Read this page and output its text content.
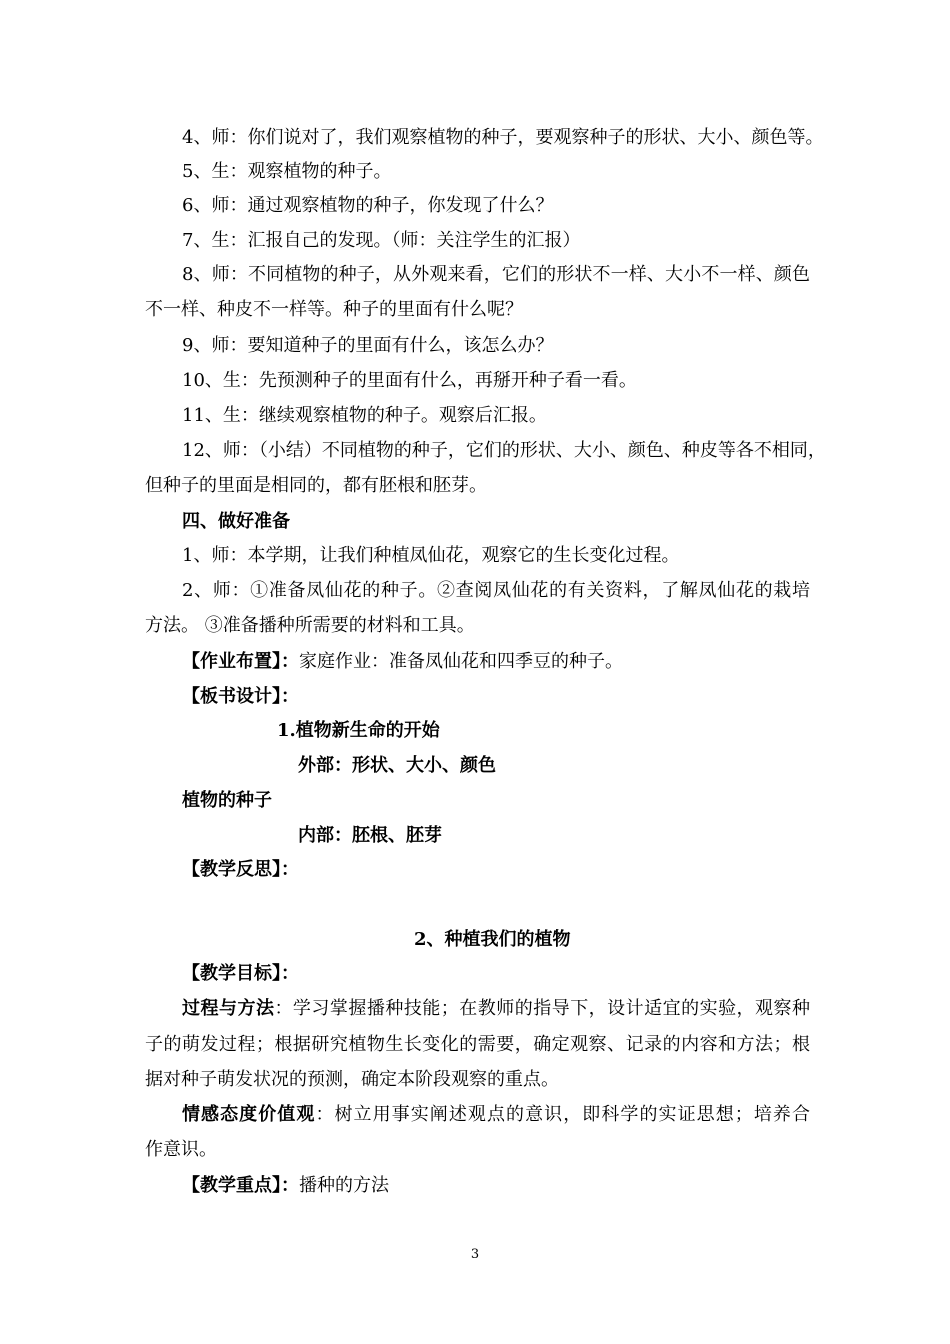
4、师：你们说对了，我们观察植物的种子，要观察种子的形状、大小、颜色等。
5、生：观察植物的种子。
6、师：通过观察植物的种子，你发现了什么？
7、生：汇报自己的发现。（师：关注学生的汇报）
8、师：不同植物的种子，从外观来看，它们的形状不一样、大小不一样、颜色
不一样、种皮不一样等。种子的里面有什么呢？
9、师：要知道种子的里面有什么，该怎么办？
10、生：先预测种子的里面有什么，再掰开种子看一看。
11、生：继续观察植物的种子。观察后汇报。
12、师：（小结）不同植物的种子，它们的形状、大小、颜色、种皮等各不相同，
但种子的里面是相同的，都有胚根和胚芽。
四、做好准备
1、师：本学期，让我们种植凤仙花，观察它的生长变化过程。
2、师：①准备凤仙花的种子。②查阅凤仙花的有关资料，了解凤仙花的栽培
方法。 ③准备播种所需要的材料和工具。
【作业布置】：家庭作业：准备凤仙花和四季豆的种子。
【板书设计】：
1.植物新生命的开始
外部：形状、大小、颜色
植物的种子
内部：胚根、胚芽
【教学反思】：
2、种植我们的植物
【教学目标】：
过程与方法：学习掌握播种技能；在教师的指导下，设计适宜的实验，观察种
子的萌发过程；根据研究植物生长变化的需要，确定观察、记录的内容和方法；根
据对种子萌发状况的预测，确定本阶段观察的重点。
情感态度价值观：树立用事实阐述观点的意识，即科学的实证思想；培养合
作意识。
【教学重点】：播种的方法
3
